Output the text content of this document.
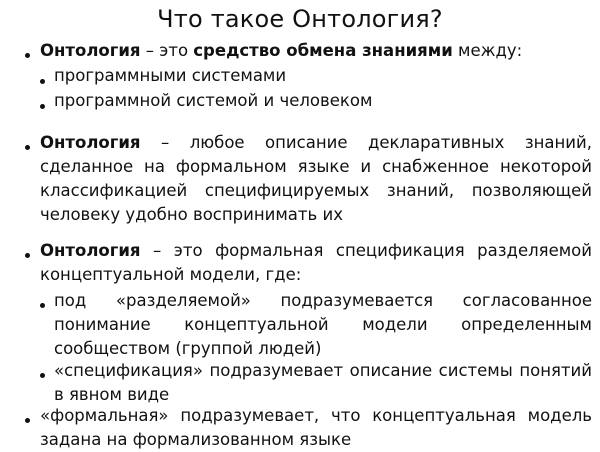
Что такое Онтология?
Онтология – это средство обмена знаниями между:
программными системами
программной системой и человеком
Онтология – любое описание декларативных знаний, сделанное на формальном языке и снабженное некоторой классификацией специфицируемых знаний, позволяющей человеку удобно воспринимать их
Онтология – это формальная спецификация разделяемой концептуальной модели, где:
под «разделяемой» подразумевается согласованное понимание концептуальной модели определенным сообществом (группой людей)
«спецификация» подразумевает описание системы понятий в явном виде
«формальная» подразумевает, что концептуальная модель задана на формализованном языке
